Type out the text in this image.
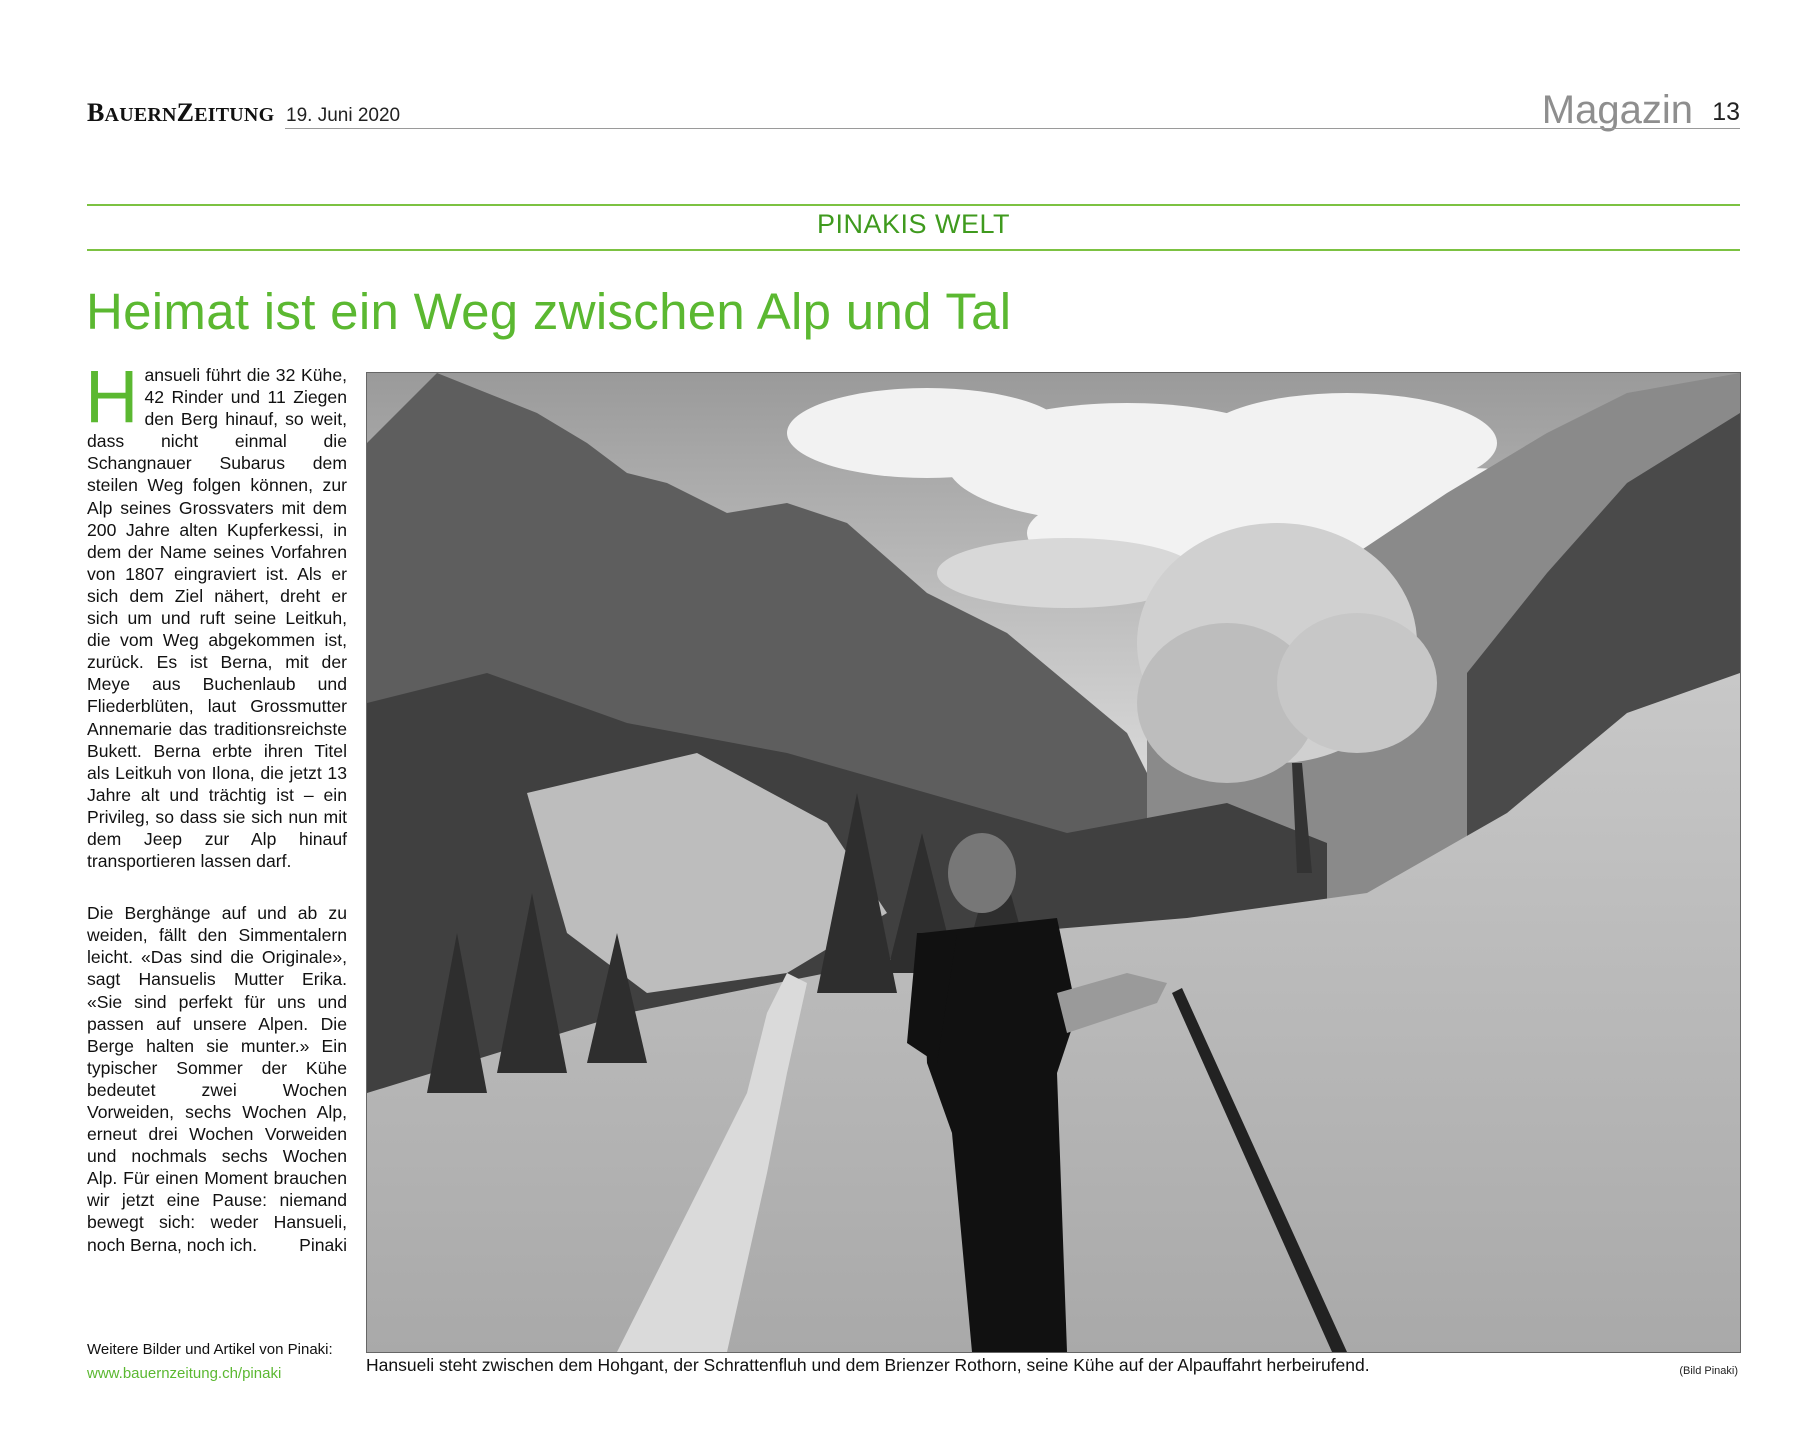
BAUERNZEITUNG 19. Juni 2020	Magazin 13
PINAKIS WELT
Heimat ist ein Weg zwischen Alp und Tal

Hansueli führt die 32 Kühe, 42 Rinder und 11 Ziegen den Berg hinauf, so weit, dass nicht einmal die Schangnauer Subarus dem steilen Weg folgen können, zur Alp seines Grossvaters mit dem 200 Jahre alten Kupferkessi, in dem der Name seines Vorfahren von 1807 eingraviert ist. Als er sich dem Ziel nähert, dreht er sich um und ruft seine Leitkuh, die vom Weg abgekommen ist, zurück. Es ist Berna, mit der Meye aus Buchenlaub und Fliederblüten, laut Grossmutter Annemarie das traditionsreichste Bukett. Berna erbte ihren Titel als Leitkuh von Ilona, die jetzt 13 Jahre alt und trächtig ist – ein Privileg, so dass sie sich nun mit dem Jeep zur Alp hinauf transportieren lassen darf.

Die Berghänge auf und ab zu weiden, fällt den Simmentalern leicht. «Das sind die Originale», sagt Hansuelis Mutter Erika. «Sie sind perfekt für uns und passen auf unsere Alpen. Die Berge halten sie munter.» Ein typischer Sommer der Kühe bedeutet zwei Wochen Vorweiden, sechs Wochen Alp, erneut drei Wochen Vorweiden und nochmals sechs Wochen Alp. Für einen Moment brauchen wir jetzt eine Pause: niemand bewegt sich: weder Hansueli, noch Berna, noch ich. Pinaki

Weitere Bilder und Artikel von Pinaki:
www.bauernzeitung.ch/pinaki	Hansueli steht zwischen dem Hohgant, der Schrattenfluh und dem Brienzer Rothorn, seine Kühe auf der Alpauffahrt herbeirufend.	(Bild Pinaki)
